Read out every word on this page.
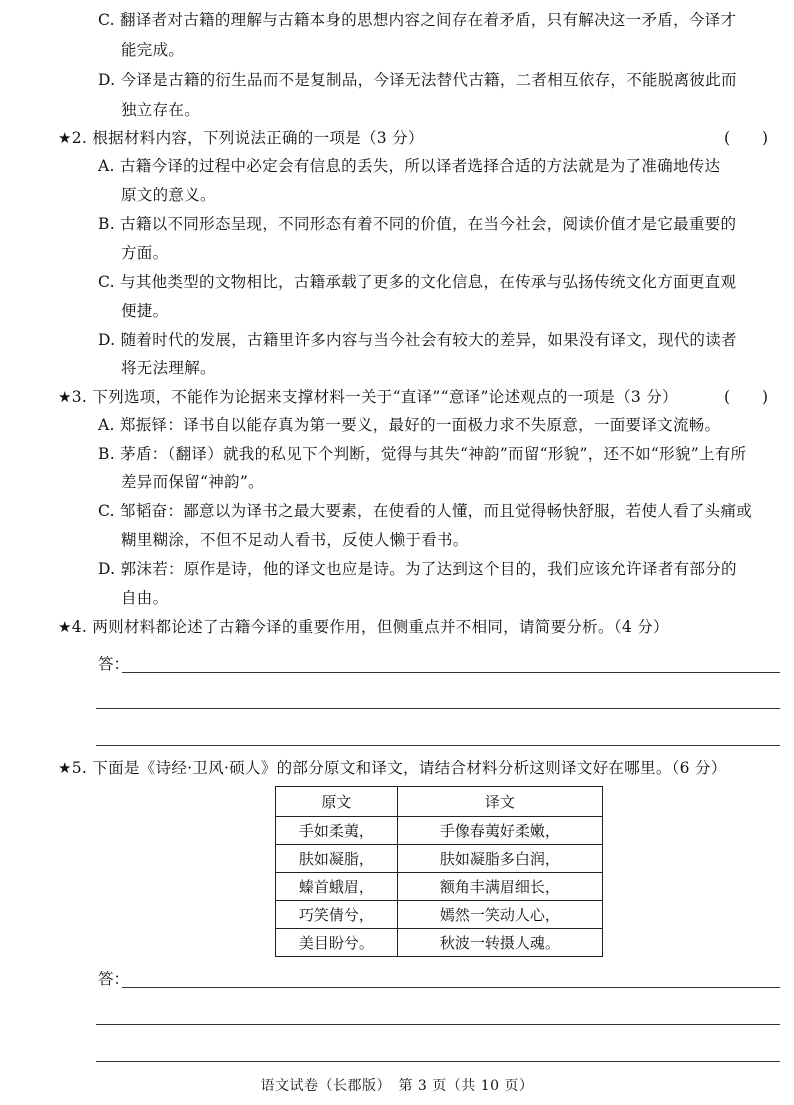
C. 翻译者对古籍的理解与古籍本身的思想内容之间存在着矛盾，只有解决这一矛盾，今译才
能完成。
D. 今译是古籍的衍生品而不是复制品，今译无法替代古籍，二者相互依存，不能脱离彼此而
独立存在。
★2. 根据材料内容，下列说法正确的一项是（3 分）	(　　)
A. 古籍今译的过程中必定会有信息的丢失，所以译者选择合适的方法就是为了准确地传达
原文的意义。
B. 古籍以不同形态呈现，不同形态有着不同的价值，在当今社会，阅读价值才是它最重要的
方面。
C. 与其他类型的文物相比，古籍承载了更多的文化信息，在传承与弘扬传统文化方面更直观
便捷。
D. 随着时代的发展，古籍里许多内容与当今社会有较大的差异，如果没有译文，现代的读者
将无法理解。
★3. 下列选项，不能作为论据来支撑材料一关于“直译”“意译”论述观点的一项是（3 分）	(　　)
A. 郑振铎：译书自以能存真为第一要义，最好的一面极力求不失原意，一面要译文流畅。
B. 茅盾：（翻译）就我的私见下个判断，觉得与其失“神韵”而留“形貌”，还不如“形貌”上有所
差异而保留“神韵”。
C. 邹韬奋：鄙意以为译书之最大要素，在使看的人懂，而且觉得畅快舒服，若使人看了头痛或
糊里糊涂，不但不足动人看书，反使人懒于看书。
D. 郭沫若：原作是诗，他的译文也应是诗。为了达到这个目的，我们应该允许译者有部分的
自由。
★4. 两则材料都论述了古籍今译的重要作用，但侧重点并不相同，请简要分析。（4 分）
答：
★5. 下面是《诗经·卫风·硕人》的部分原文和译文，请结合材料分析这则译文好在哪里。（6 分）
原文	译文
手如柔荑，	手像春荑好柔嫩，
肤如凝脂，	肤如凝脂多白润，
螓首蛾眉，	额角丰满眉细长，
巧笑倩兮，	嫣然一笑动人心，
美目盼兮。	秋波一转摄人魂。
答：
语文试卷（长郡版）　第 3 页（共 10 页）
